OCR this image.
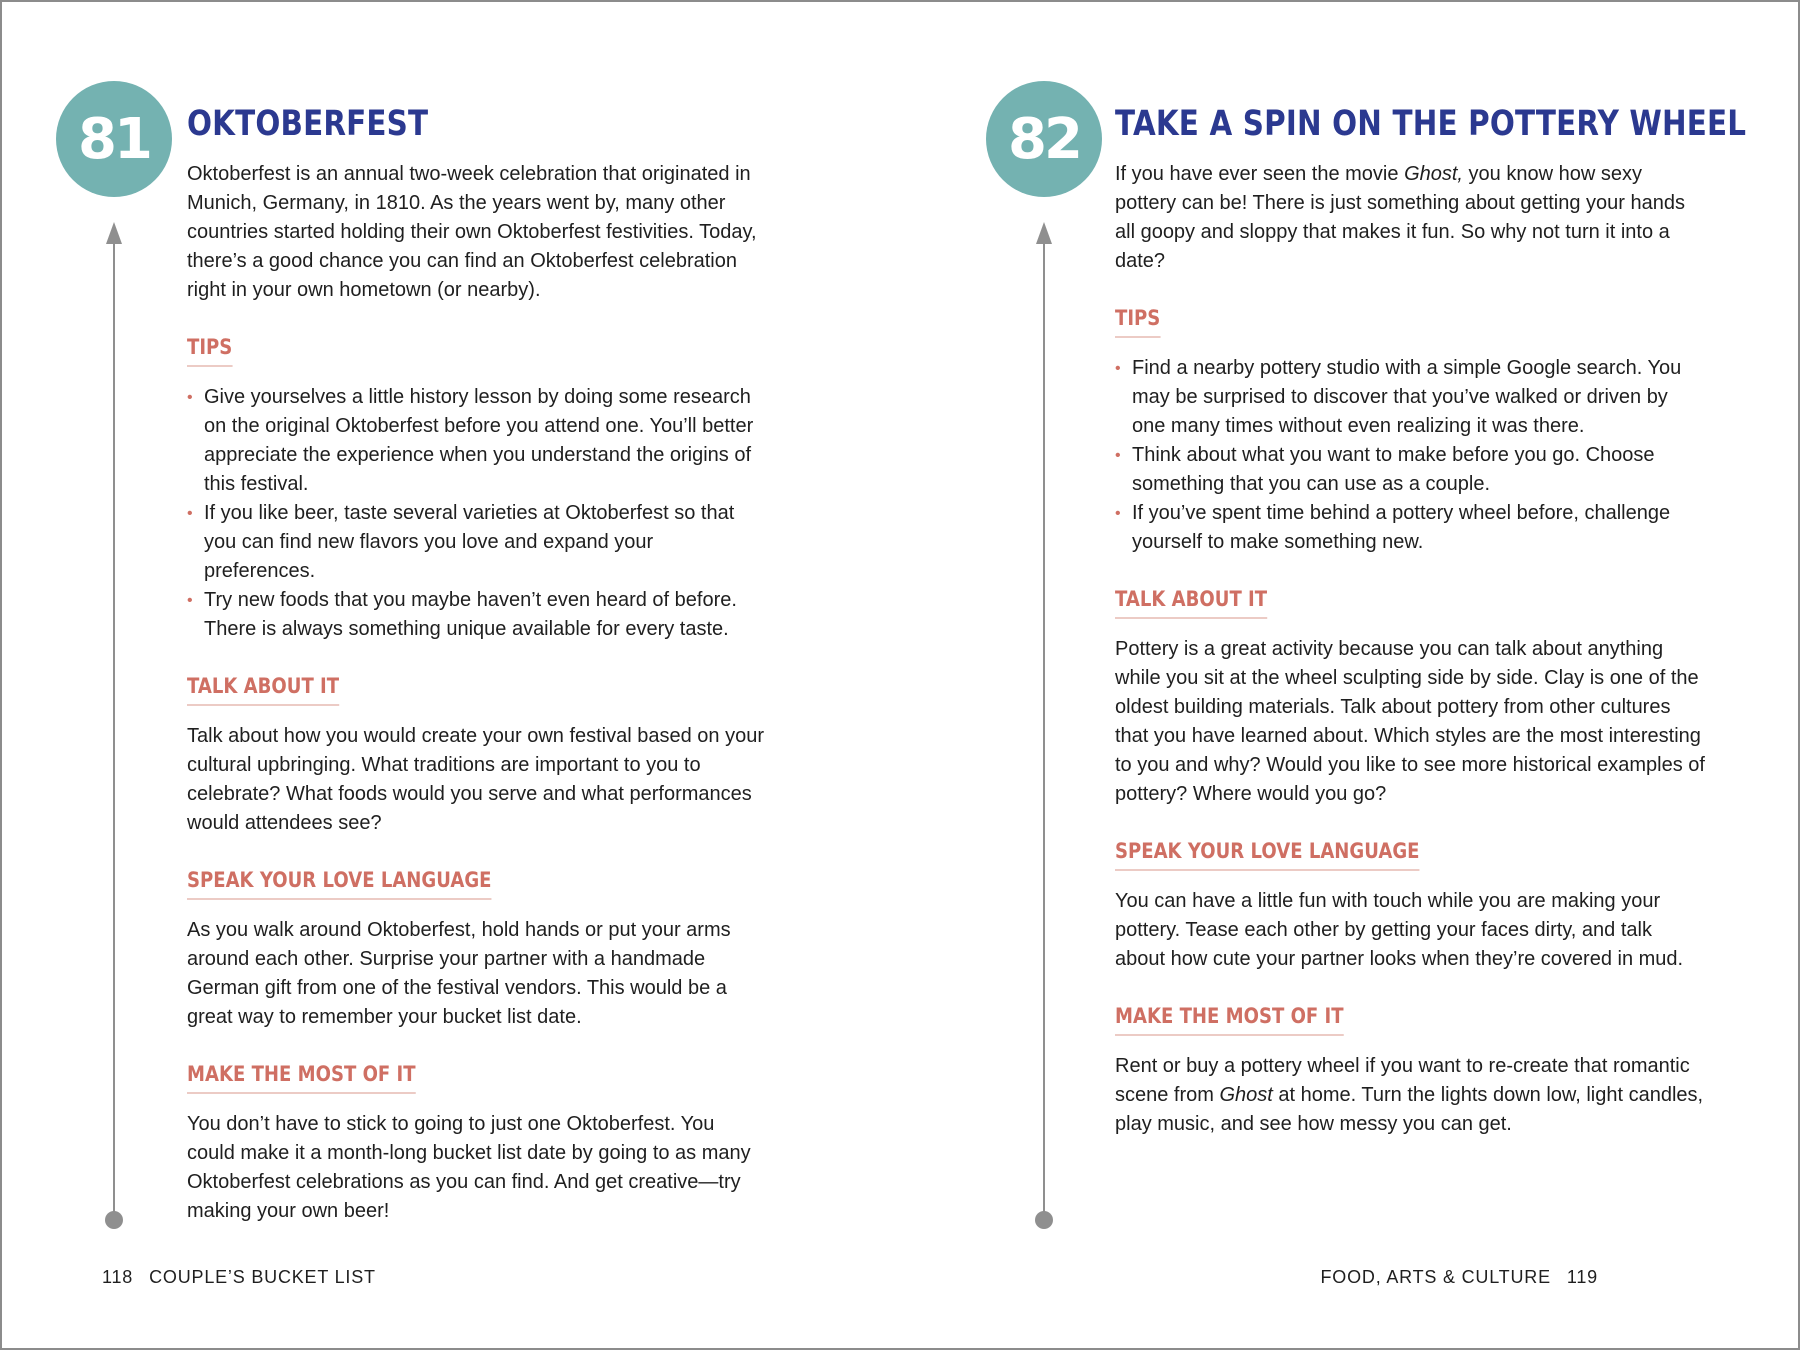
81 OKTOBERFEST

Oktoberfest is an annual two-week celebration that originated in Munich, Germany, in 1810. As the years went by, many other countries started holding their own Oktoberfest festivities. Today, there’s a good chance you can find an Oktoberfest celebration right in your own hometown (or nearby).

TIPS
• Give yourselves a little history lesson by doing some research on the original Oktoberfest before you attend one. You’ll better appreciate the experience when you understand the origins of this festival.
• If you like beer, taste several varieties at Oktoberfest so that you can find new flavors you love and expand your preferences.
• Try new foods that you maybe haven’t even heard of before. There is always something unique available for every taste.
TALK ABOUT IT

Talk about how you would create your own festival based on your cultural upbringing. What traditions are important to you to celebrate? What foods would you serve and what performances would attendees see?

SPEAK YOUR LOVE LANGUAGE

As you walk around Oktoberfest, hold hands or put your arms around each other. Surprise your partner with a handmade German gift from one of the festival vendors. This would be a great way to remember your bucket list date.

MAKE THE MOST OF IT

You don’t have to stick to going to just one Oktoberfest. You could make it a month-long bucket list date by going to as many Oktoberfest celebrations as you can find. And get creative—try making your own beer!

118 COUPLE’S BUCKET LIST
82 TAKE A SPIN ON THE POTTERY WHEEL

If you have ever seen the movie Ghost, you know how sexy pottery can be! There is just something about getting your hands all goopy and sloppy that makes it fun. So why not turn it into a date?

TIPS
• Find a nearby pottery studio with a simple Google search. You may be surprised to discover that you’ve walked or driven by one many times without even realizing it was there.
• Think about what you want to make before you go. Choose something that you can use as a couple.
• If you’ve spent time behind a pottery wheel before, challenge yourself to make something new.
TALK ABOUT IT

Pottery is a great activity because you can talk about anything while you sit at the wheel sculpting side by side. Clay is one of the oldest building materials. Talk about pottery from other cultures that you have learned about. Which styles are the most interesting to you and why? Would you like to see more historical examples of pottery? Where would you go?

SPEAK YOUR LOVE LANGUAGE

You can have a little fun with touch while you are making your pottery. Tease each other by getting your faces dirty, and talk about how cute your partner looks when they’re covered in mud.

MAKE THE MOST OF IT

Rent or buy a pottery wheel if you want to re-create that romantic scene from Ghost at home. Turn the lights down low, light candles, play music, and see how messy you can get.

FOOD, ARTS & CULTURE 119
